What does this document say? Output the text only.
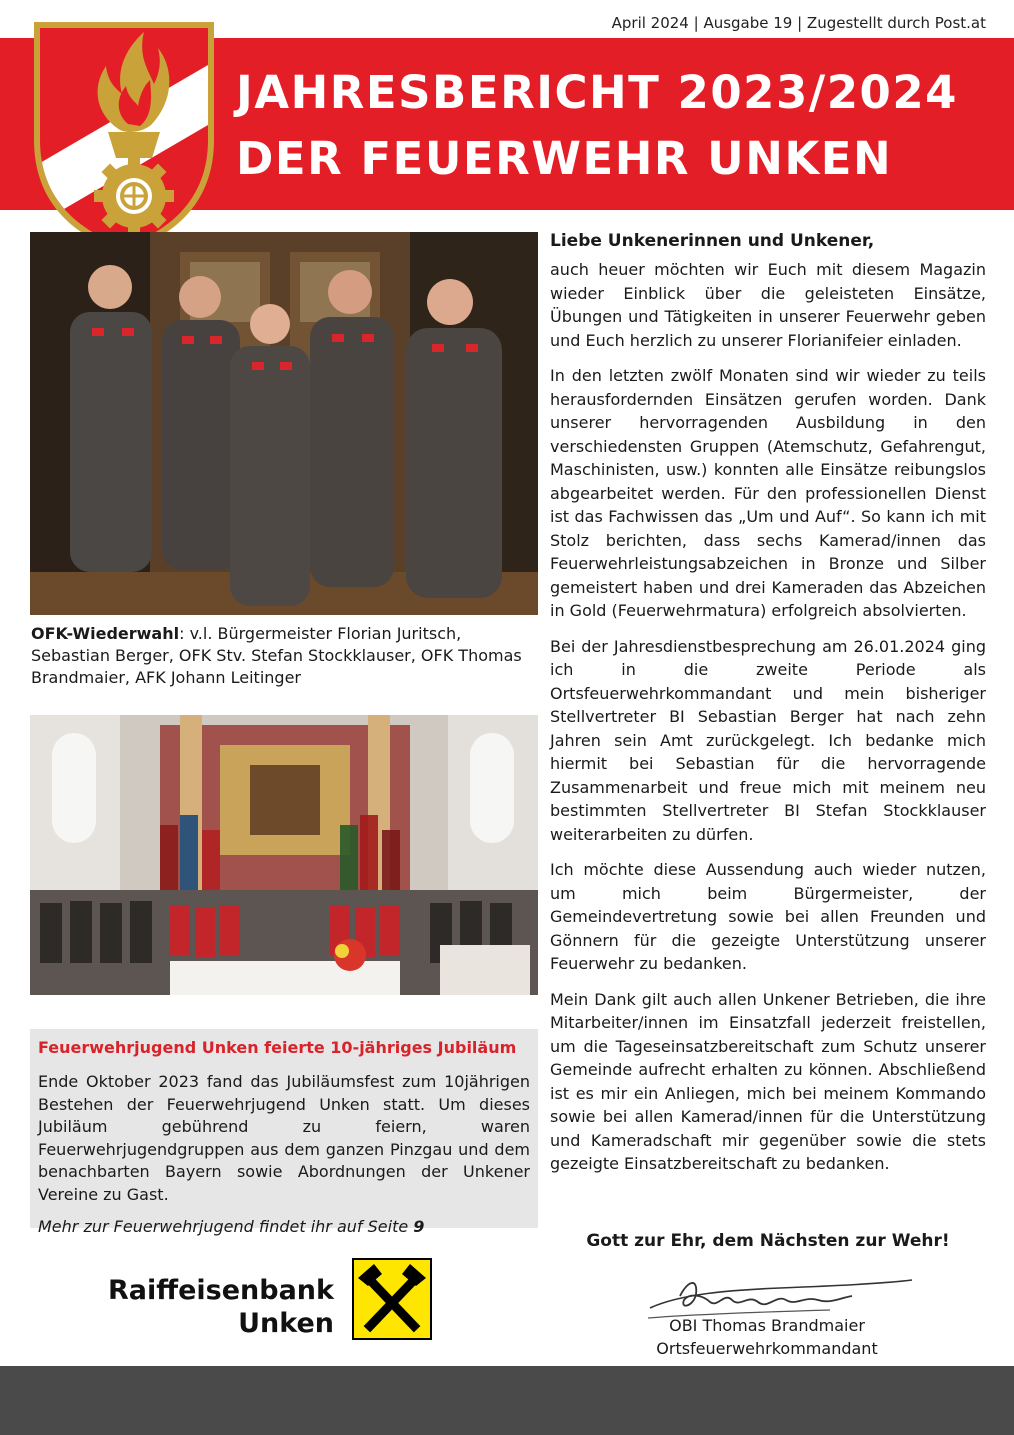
April 2024 | Ausgabe 19 | Zugestellt durch Post.at
JAHRESBERICHT 2023/2024
DER FEUERWEHR UNKEN
OFK-Wiederwahl: v.l. Bürgermeister Florian Juritsch, Sebastian Berger, OFK Stv. Stefan Stockklauser, OFK Thomas Brandmaier, AFK Johann Leitinger
Feuerwehrjugend Unken feierte 10-jähriges Jubiläum

Ende Oktober 2023 fand das Jubiläumsfest zum 10jährigen Bestehen der Feuerwehrjugend Unken statt. Um dieses Jubiläum gebührend zu feiern, waren Feuerwehrjugendgruppen aus dem ganzen Pinzgau und dem benachbarten Bayern sowie Abordnungen der Unkener Vereine zu Gast.

Mehr zur Feuerwehrjugend findet ihr auf Seite 9
Raiffeisenbank
Unken
Liebe Unkenerinnen und Unkener,

auch heuer möchten wir Euch mit diesem Magazin wieder Einblick über die geleisteten Einsätze, Übungen und Tätigkeiten in unserer Feuerwehr geben und Euch herzlich zu unserer Florianifeier einladen.

In den letzten zwölf Monaten sind wir wieder zu teils herausfordernden Einsätzen gerufen worden. Dank unserer hervorragenden Ausbildung in den verschiedensten Gruppen (Atemschutz, Gefahrengut, Maschinisten, usw.) konnten alle Einsätze reibungslos abgearbeitet werden. Für den professionellen Dienst ist das Fachwissen das „Um und Auf“. So kann ich mit Stolz berichten, dass sechs Kamerad/innen das Feuerwehrleistungsabzeichen in Bronze und Silber gemeistert haben und drei Kameraden das Abzeichen in Gold (Feuerwehrmatura) erfolgreich absolvierten.

Bei der Jahresdienstbesprechung am 26.01.2024 ging ich in die zweite Periode als Ortsfeuerwehrkommandant und mein bisheriger Stellvertreter BI Sebastian Berger hat nach zehn Jahren sein Amt zurückgelegt. Ich bedanke mich hiermit bei Sebastian für die hervorragende Zusammenarbeit und freue mich mit meinem neu bestimmten Stellvertreter BI Stefan Stockklauser weiterarbeiten zu dürfen.

Ich möchte diese Aussendung auch wieder nutzen, um mich beim Bürgermeister, der Gemeindevertretung sowie bei allen Freunden und Gönnern für die gezeigte Unterstützung unserer Feuerwehr zu bedanken.

Mein Dank gilt auch allen Unkener Betrieben, die ihre Mitarbeiter/innen im Einsatzfall jederzeit freistellen, um die Tageseinsatzbereitschaft zum Schutz unserer Gemeinde aufrecht erhalten zu können. Abschließend ist es mir ein Anliegen, mich bei meinem Kommando sowie bei allen Kamerad/innen für die Unterstützung und Kameradschaft mir gegenüber sowie die stets gezeigte Einsatzbereitschaft zu bedanken.

Gott zur Ehr, dem Nächsten zur Wehr!
OBI Thomas Brandmaier
Ortsfeuerwehrkommandant
